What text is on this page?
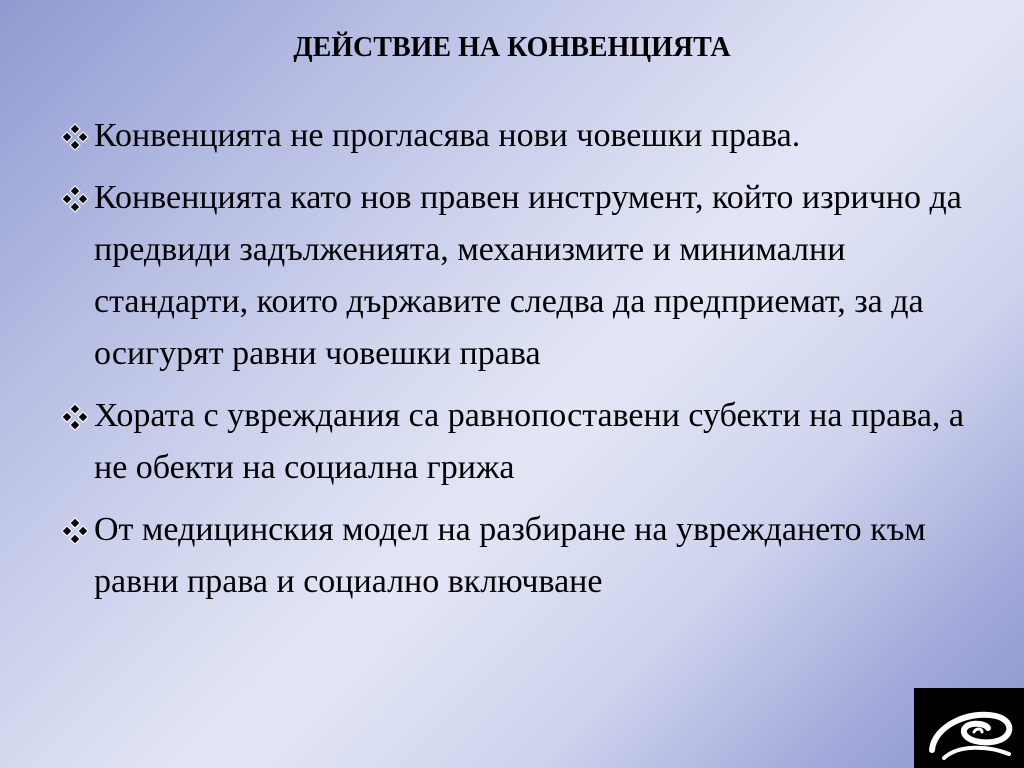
ДЕЙСТВИЕ НА КОНВЕНЦИЯТА
Конвенцията не прогласява нови човешки права.
Конвенцията като нов правен инструмент, който изрично да предвиди задълженията, механизмите и минимални стандарти, които държавите следва да предприемат, за да осигурят равни човешки права
Хората с увреждания са равнопоставени субекти на права, а не обекти на социална грижа
От медицинския модел на разбиране на увреждането към равни права и социално включване
